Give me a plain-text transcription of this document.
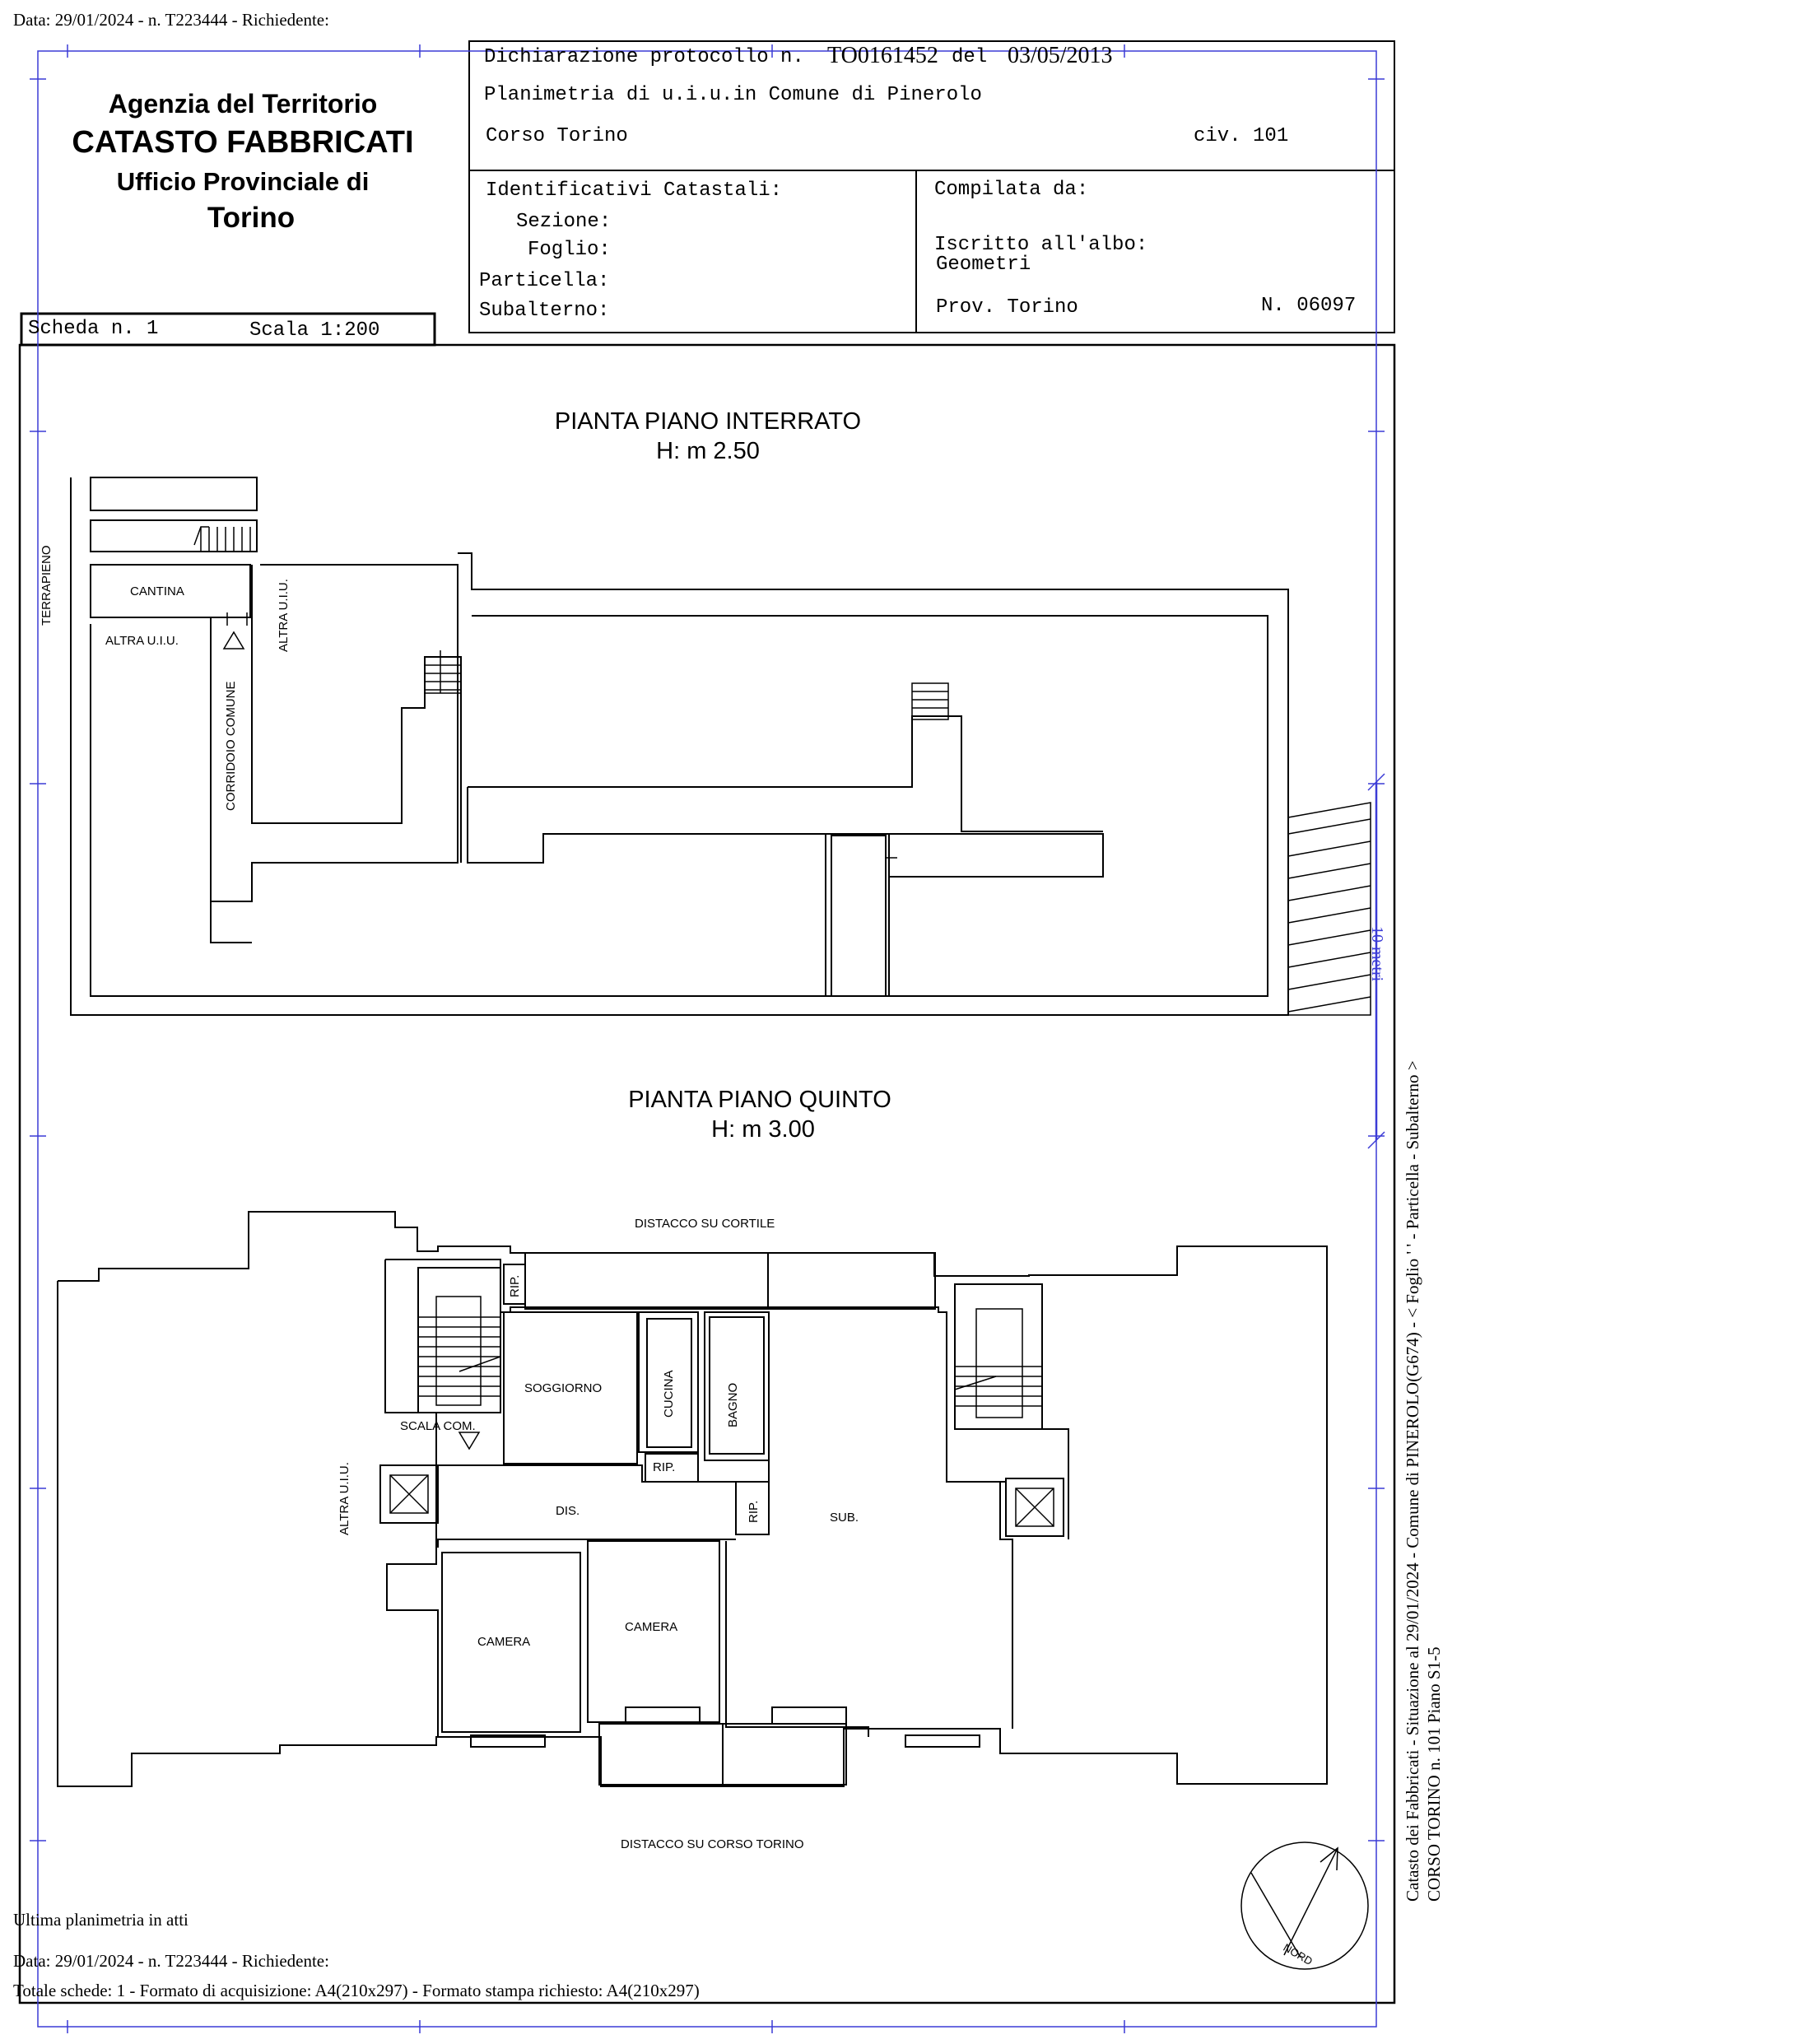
Data: 29/01/2024 - n. T223444 - Richiedente:
Agenzia del Territorio
CATASTO FABBRICATI
Ufficio Provinciale di
Torino
Dichiarazione protocollo n. TO0161452 del 03/05/2013
Planimetria di u.i.u.in Comune di Pinerolo
Corso Torino	civ. 101
Identificativi Catastali:
Sezione:
Foglio:
Particella:
Subalterno:
Compilata da:
Iscritto all'albo:
Geometri
Prov. Torino	N. 06097
Scheda n. 1	Scala 1:200
PIANTA PIANO INTERRATO
H: m 2.50
TERRAPIENO	CANTINA
ALTRA U.I.U.	ALTRA U.I.U.
CORRIDOIO COMUNE
PIANTA PIANO QUINTO
H: m 3.00
DISTACCO SU CORTILE
DISTACCO SU CORSO TORINO
SOGGIORNO	CUCINA	BAGNO
SCALA COM.
DIS.	SUB.
CAMERA
CAMERA
RIP.
RIP.
RIP.
ALTRA U.I.U.
10 metri
NORD
Catasto dei Fabbricati - Situazione al 29/01/2024 - Comune di PINEROLO(G674) - < Foglio ' ' - Particella - Subalterno > CORSO TORINO n. 101 Piano S1-5
Ultima planimetria in atti
Data: 29/01/2024 - n. T223444 - Richiedente:
Totale schede: 1 - Formato di acquisizione: A4(210x297) - Formato stampa richiesto: A4(210x297)
